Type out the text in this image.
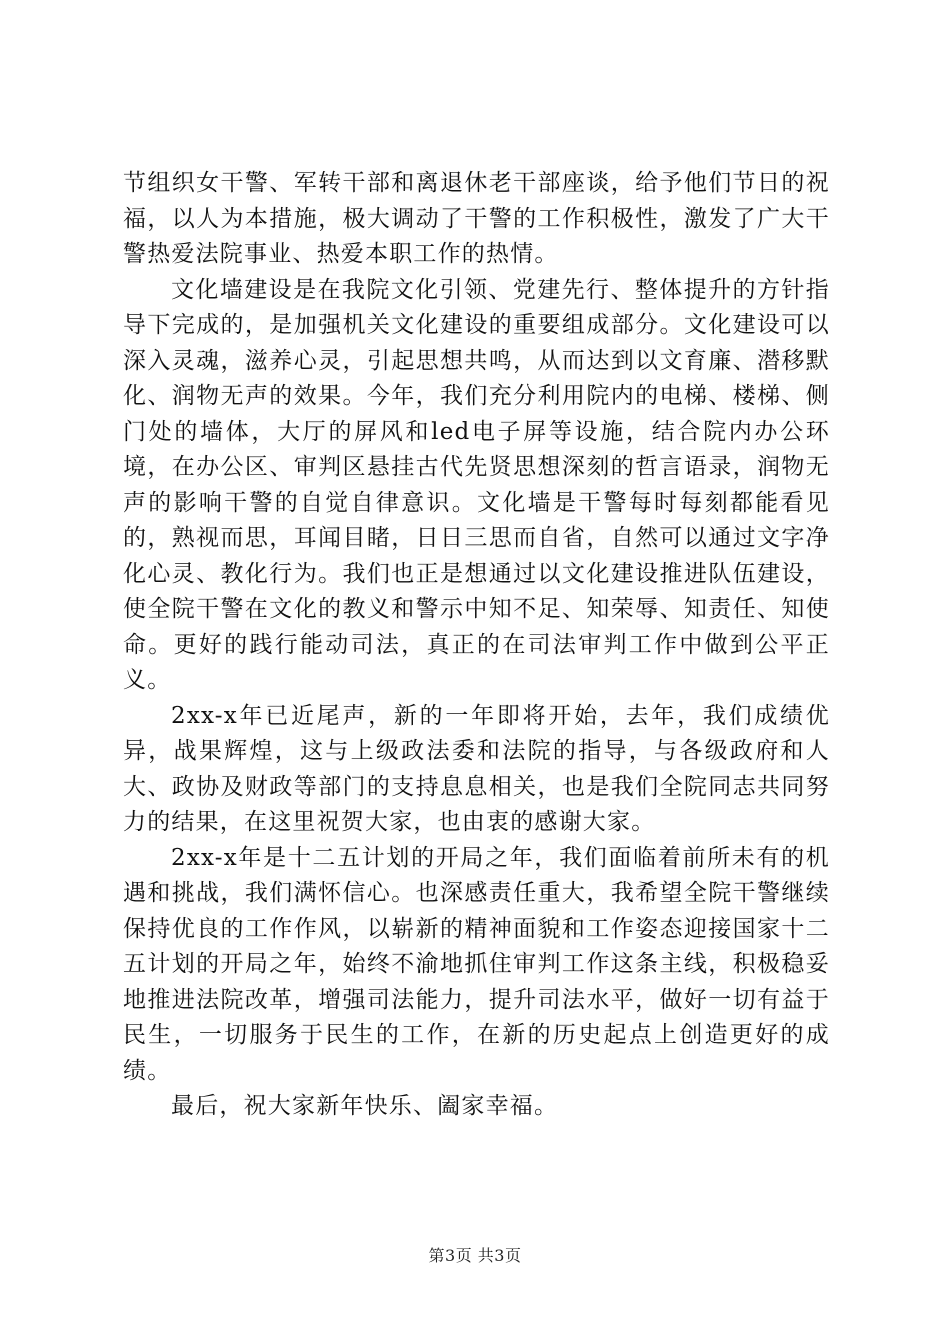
节组织女干警、军转干部和离退休老干部座谈，给予他们节日的祝福，以人为本措施，极大调动了干警的工作积极性，激发了广大干警热爱法院事业、热爱本职工作的热情。

文化墙建设是在我院文化引领、党建先行、整体提升的方针指导下完成的，是加强机关文化建设的重要组成部分。文化建设可以深入灵魂，滋养心灵，引起思想共鸣，从而达到以文育廉、潜移默化、润物无声的效果。今年，我们充分利用院内的电梯、楼梯、侧门处的墙体，大厅的屏风和led电子屏等设施，结合院内办公环境，在办公区、审判区悬挂古代先贤思想深刻的哲言语录，润物无声的影响干警的自觉自律意识。文化墙是干警每时每刻都能看见的，熟视而思，耳闻目睹，日日三思而自省，自然可以通过文字净化心灵、教化行为。我们也正是想通过以文化建设推进队伍建设，使全院干警在文化的教义和警示中知不足、知荣辱、知责任、知使命。更好的践行能动司法，真正的在司法审判工作中做到公平正义。

2xx-x年已近尾声，新的一年即将开始，去年，我们成绩优异，战果辉煌，这与上级政法委和法院的指导，与各级政府和人大、政协及财政等部门的支持息息相关，也是我们全院同志共同努力的结果，在这里祝贺大家，也由衷的感谢大家。

2xx-x年是十二五计划的开局之年，我们面临着前所未有的机遇和挑战，我们满怀信心。也深感责任重大，我希望全院干警继续保持优良的工作作风，以崭新的精神面貌和工作姿态迎接国家十二五计划的开局之年，始终不渝地抓住审判工作这条主线，积极稳妥地推进法院改革，增强司法能力，提升司法水平，做好一切有益于民生，一切服务于民生的工作，在新的历史起点上创造更好的成绩。

最后，祝大家新年快乐、阖家幸福。

第3页 共3页
